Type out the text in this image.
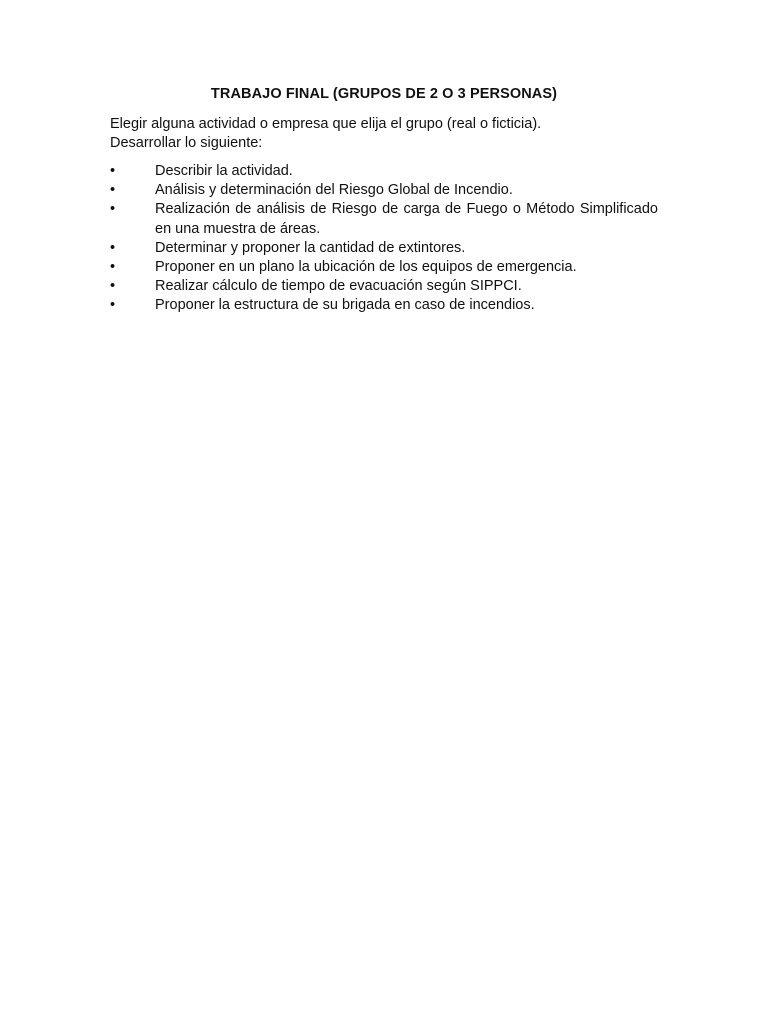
TRABAJO FINAL (GRUPOS DE 2 O 3 PERSONAS)

Elegir alguna actividad o empresa que elija el grupo (real o ficticia).
Desarrollar lo siguiente:

•	Describir la actividad.
•	Análisis y determinación del Riesgo Global de Incendio.
•	Realización de análisis de Riesgo de carga de Fuego o Método Simplificado en una muestra de áreas.
•	Determinar y proponer la cantidad de extintores.
•	Proponer en un plano la ubicación de los equipos de emergencia.
•	Realizar cálculo de tiempo de evacuación según SIPPCI.
•	Proponer la estructura de su brigada en caso de incendios.
